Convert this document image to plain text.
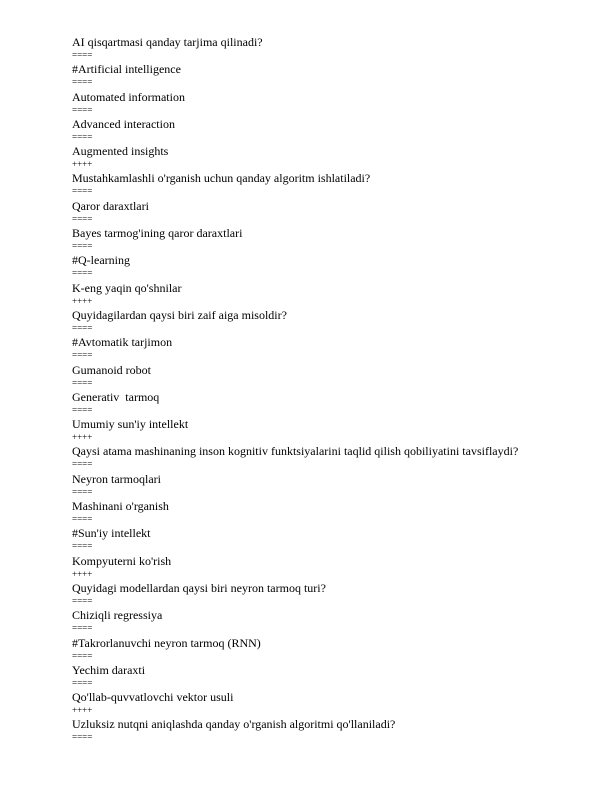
AI qisqartmasi qanday tarjima qilinadi?
====
#Artificial intelligence
====
Automated information
====
Advanced interaction
====
Augmented insights
++++
Mustahkamlashli o'rganish uchun qanday algoritm ishlatiladi?
====
Qaror daraxtlari
====
Bayes tarmog'ining qaror daraxtlari
====
#Q-learning
====
K-eng yaqin qo'shnilar
++++
Quyidagilardan qaysi biri zaif aiga misoldir?
====
#Avtomatik tarjimon
====
Gumanoid robot
====
Generativ  tarmoq
====
Umumiy sun'iy intellekt
++++
Qaysi atama mashinaning inson kognitiv funktsiyalarini taqlid qilish qobiliyatini tavsiflaydi?
====
Neyron tarmoqlari
====
Mashinani o'rganish
====
#Sun'iy intellekt
====
Kompyuterni ko'rish
++++
Quyidagi modellardan qaysi biri neyron tarmoq turi?
====
Chiziqli regressiya
====
#Takrorlanuvchi neyron tarmoq (RNN)
====
Yechim daraxti
====
Qo'llab-quvvatlovchi vektor usuli
++++
Uzluksiz nutqni aniqlashda qanday o'rganish algoritmi qo'llaniladi?
====
